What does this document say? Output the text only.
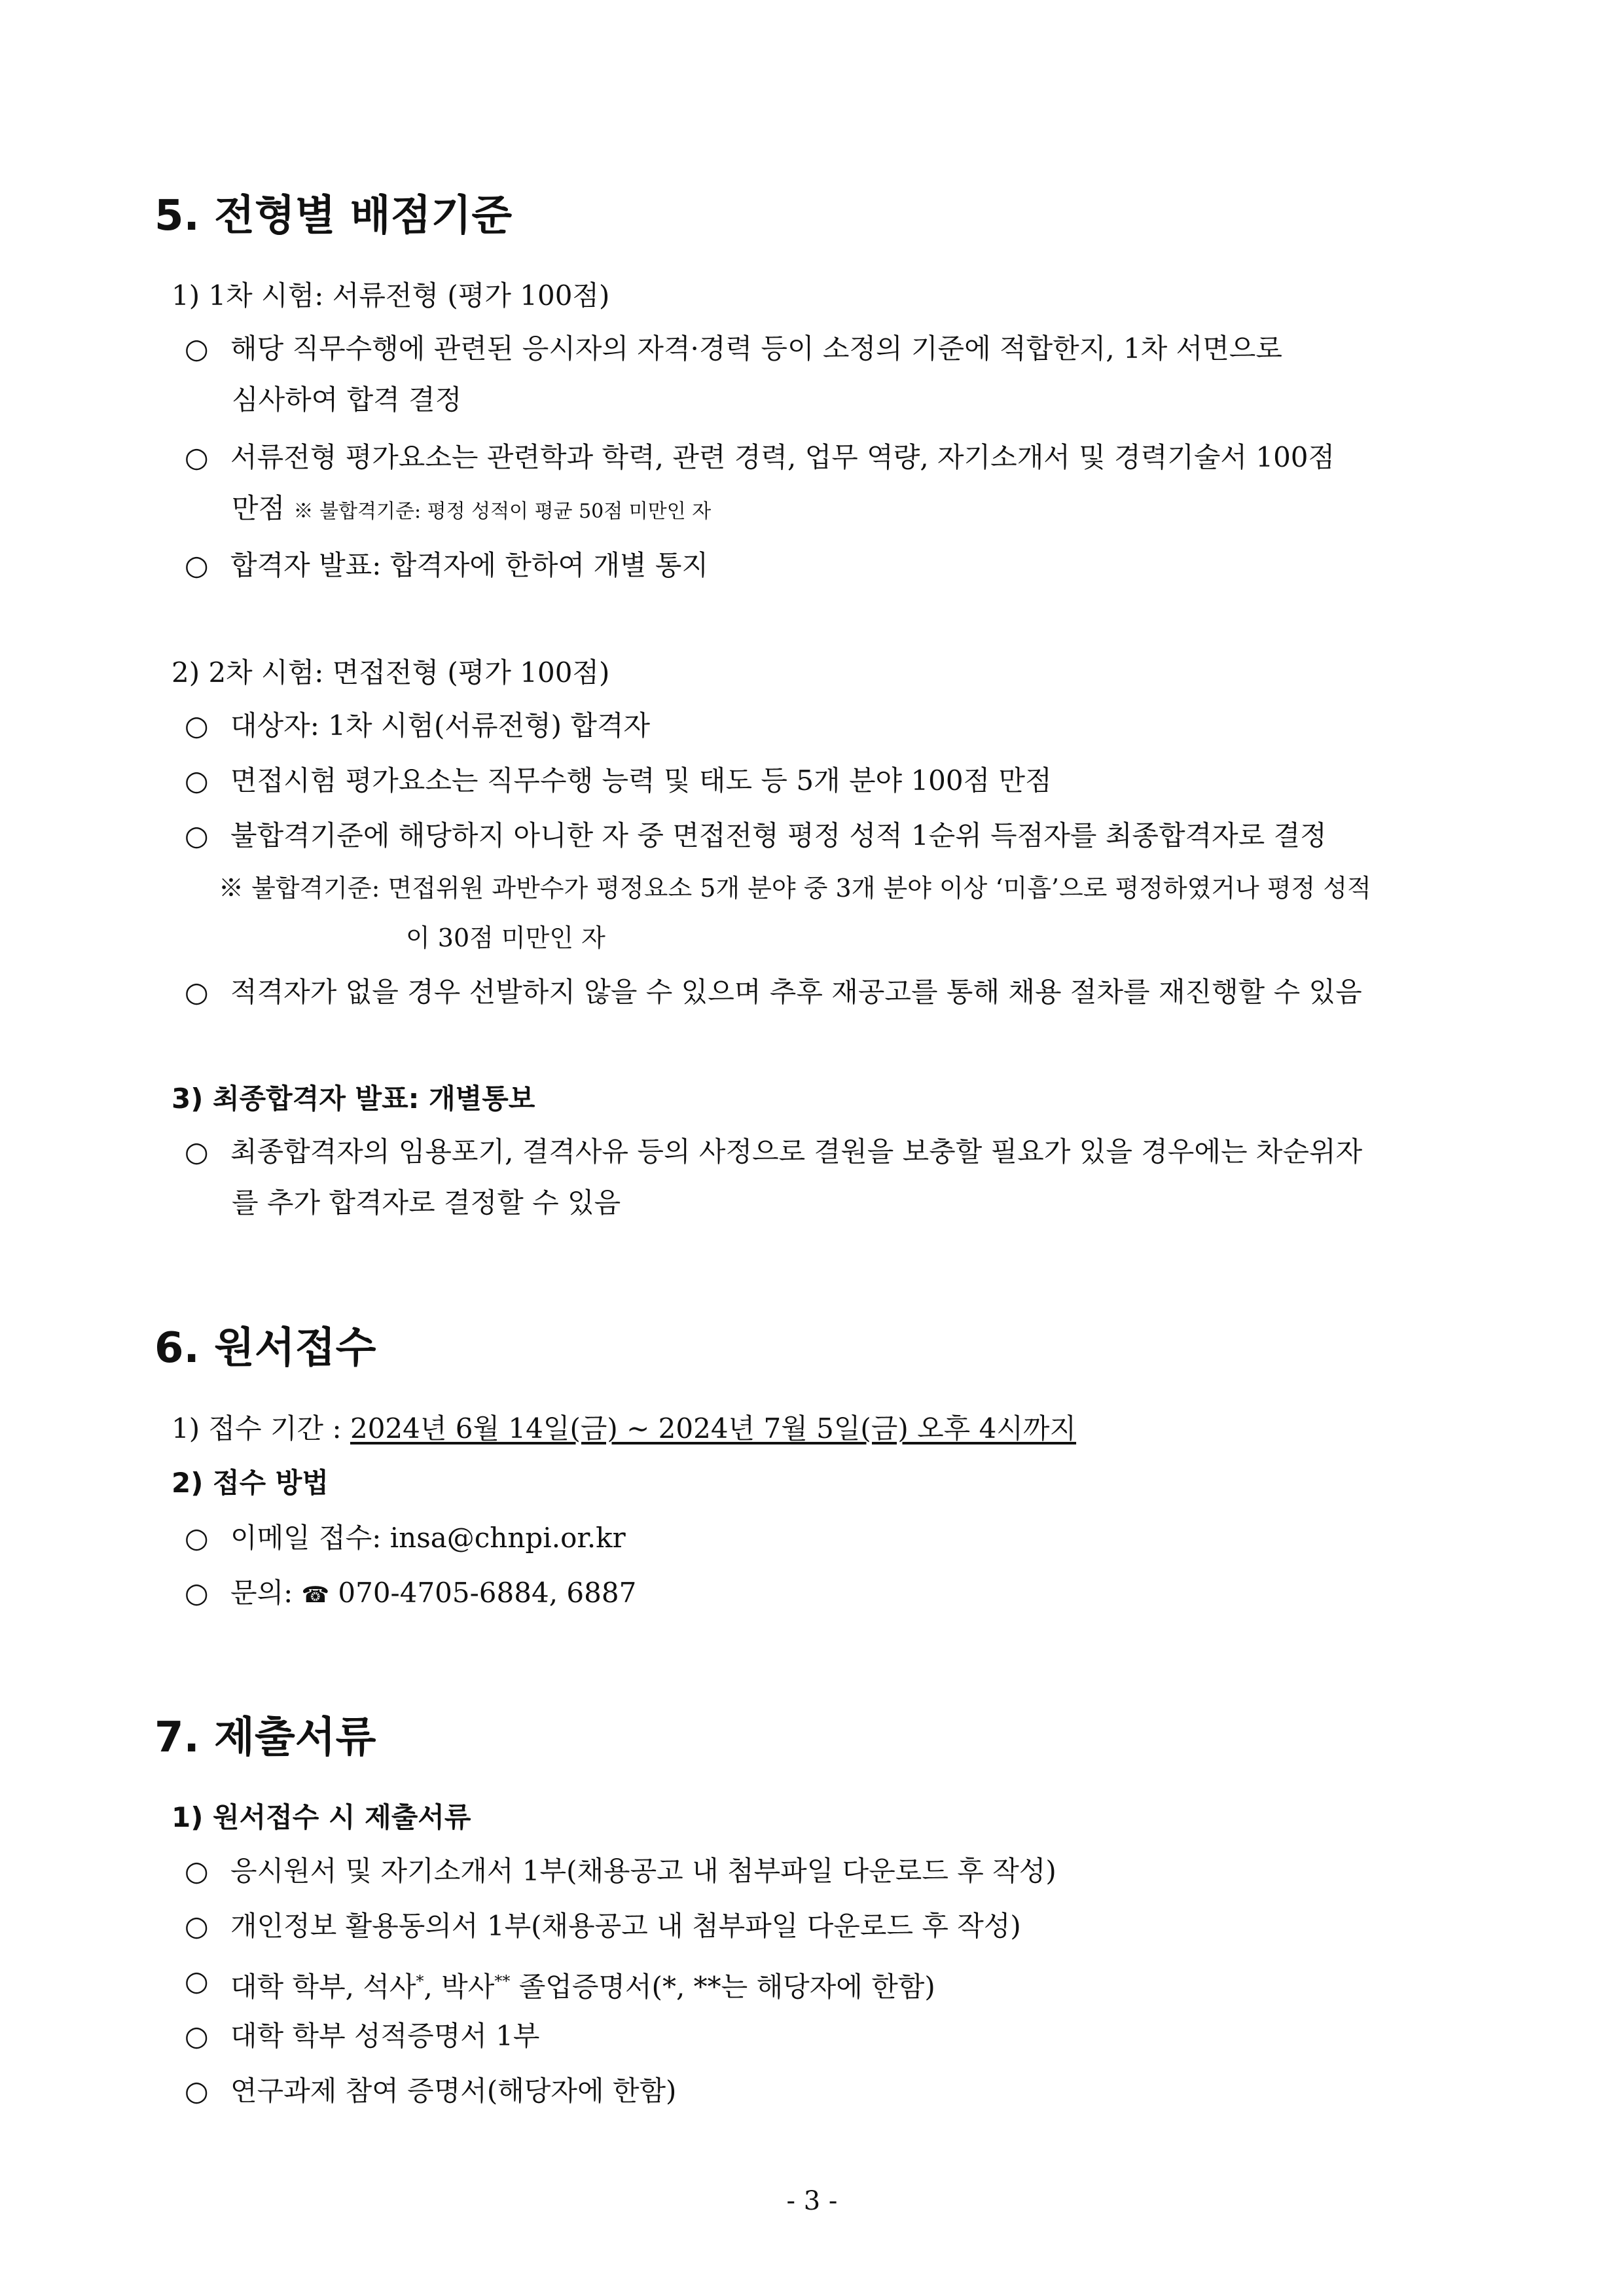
5. 전형별 배점기준
1) 1차 시험: 서류전형 (평가 100점)
○ 해당 직무수행에 관련된 응시자의 자격·경력 등이 소정의 기준에 적합한지, 1차 서면으로
심사하여 합격 결정
○ 서류전형 평가요소는 관련학과 학력, 관련 경력, 업무 역량, 자기소개서 및 경력기술서 100점
만점 ※ 불합격기준: 평정 성적이 평균 50점 미만인 자
○ 합격자 발표: 합격자에 한하여 개별 통지
2) 2차 시험: 면접전형 (평가 100점)
○ 대상자: 1차 시험(서류전형) 합격자
○ 면접시험 평가요소는 직무수행 능력 및 태도 등 5개 분야 100점 만점
○ 불합격기준에 해당하지 아니한 자 중 면접전형 평정 성적 1순위 득점자를 최종합격자로 결정
※ 불합격기준: 면접위원 과반수가 평정요소 5개 분야 중 3개 분야 이상 ‘미흡’으로 평정하였거나 평정 성적
이 30점 미만인 자
○ 적격자가 없을 경우 선발하지 않을 수 있으며 추후 재공고를 통해 채용 절차를 재진행할 수 있음
3) 최종합격자 발표: 개별통보
○ 최종합격자의 임용포기, 결격사유 등의 사정으로 결원을 보충할 필요가 있을 경우에는 차순위자
를 추가 합격자로 결정할 수 있음
6. 원서접수
1) 접수 기간 : 2024년 6월 14일(금) ~ 2024년 7월 5일(금) 오후 4시까지
2) 접수 방법
○ 이메일 접수: insa@chnpi.or.kr
○ 문의: ☎ 070-4705-6884, 6887
7. 제출서류
1) 원서접수 시 제출서류
○ 응시원서 및 자기소개서 1부(채용공고 내 첨부파일 다운로드 후 작성)
○ 개인정보 활용동의서 1부(채용공고 내 첨부파일 다운로드 후 작성)
○ 대학 학부, 석사*, 박사** 졸업증명서(*, **는 해당자에 한함)
○ 대학 학부 성적증명서 1부
○ 연구과제 참여 증명서(해당자에 한함)
- 3 -
